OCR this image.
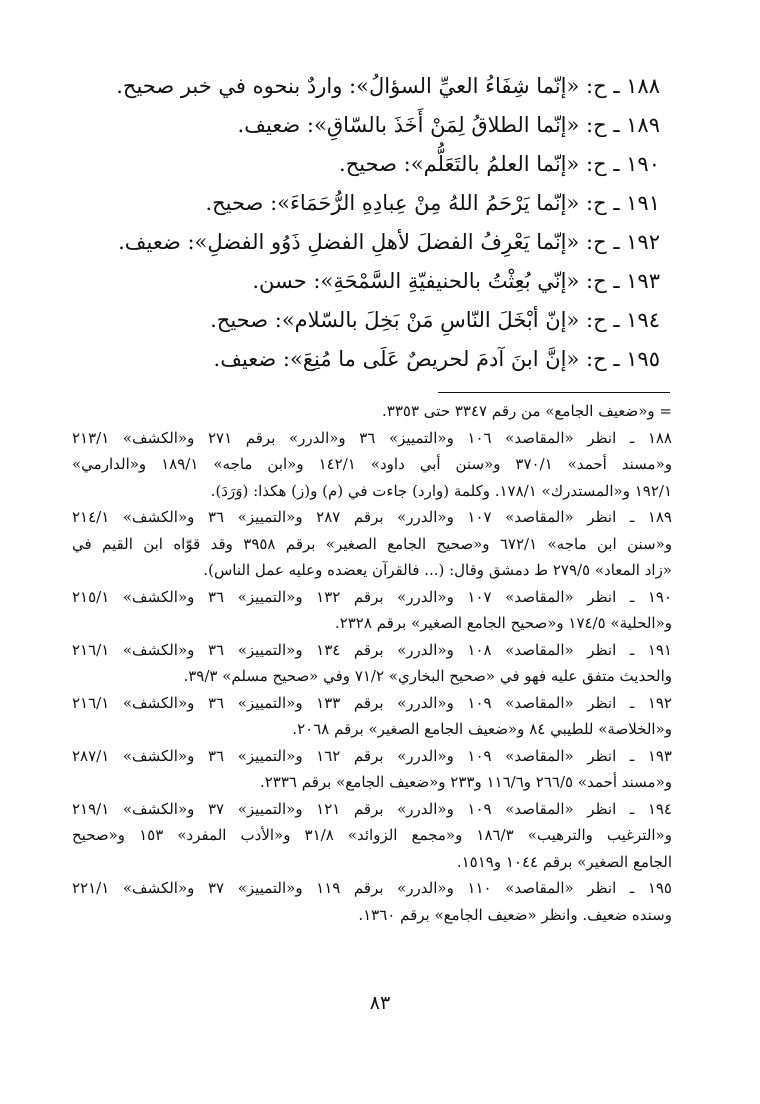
١٨٨ ـ ح: «إنّما شِفَاءُ العيِّ السؤالُ»: واردٌ بنحوه في خبر صحيح.
١٨٩ ـ ح: «إنّما الطلاقُ لِمَنْ أَخَذَ بالسّاقِ»: ضعيف.
١٩٠ ـ ح: «إنّما العلمُ بالتَعَلُّم»: صحيح.
١٩١ ـ ح: «إنّما يَرْحَمُ اللهُ مِنْ عِبادِهِ الرُّحَمَاءَ»: صحيح.
١٩٢ ـ ح: «إنّما يَعْرِفُ الفضلَ لأهلِ الفضلِ ذَوُو الفضلِ»: ضعيف.
١٩٣ ـ ح: «إنّي بُعِثْتُ بالحنيفيّةِ السَّمْحَةِ»: حسن.
١٩٤ ـ ح: «إنّ أبْخَلَ النّاسِ مَنْ بَخِلَ بالسّلام»: صحيح.
١٩٥ ـ ح: «إنَّ ابنَ آدمَ لحريصٌ عَلَى ما مُنِعَ»: ضعيف.
= و«ضعيف الجامع» من رقم ٣٣٤٧ حتى ٣٣٥٣.
١٨٨ ـ انظر «المقاصد» ١٠٦ و«التمييز» ٣٦ و«الدرر» برقم ٢٧١ و«الكشف» ٢١٣/١
و«مسند أحمد» ٣٧٠/١ و«سنن أبي داود» ١٤٢/١ و«ابن ماجه» ١٨٩/١ و«الدارمي»
١٩٢/١ و«المستدرك» ١٧٨/١. وكلمة (وارد) جاءت في (م) و(ز) هكذا: (وَرَدَ).
١٨٩ ـ انظر «المقاصد» ١٠٧ و«الدرر» برقم ٢٨٧ و«التمييز» ٣٦ و«الكشف» ٢١٤/١
و«سنن ابن ماجه» ٦٧٢/١ و«صحيح الجامع الصغير» برقم ٣٩٥٨ وقد قوّاه ابن القيم في
«زاد المعاد» ٢٧٩/٥ ط دمشق وقال: (... فالقرآن يعضده وعليه عمل الناس).
١٩٠ ـ انظر «المقاصد» ١٠٧ و«الدرر» برقم ١٣٢ و«التمييز» ٣٦ و«الكشف» ٢١٥/١
و«الحلية» ١٧٤/٥ و«صحيح الجامع الصغير» برقم ٢٣٢٨.
١٩١ ـ انظر «المقاصد» ١٠٨ و«الدرر» برقم ١٣٤ و«التمييز» ٣٦ و«الكشف» ٢١٦/١
والحديث متفق عليه فهو في «صحيح البخاري» ٧١/٢ وفي «صحيح مسلم» ٣٩/٣.
١٩٢ ـ انظر «المقاصد» ١٠٩ و«الدرر» برقم ١٣٣ و«التمييز» ٣٦ و«الكشف» ٢١٦/١
و«الخلاصة» للطيبي ٨٤ و«ضعيف الجامع الصغير» برقم ٢٠٦٨.
١٩٣ ـ انظر «المقاصد» ١٠٩ و«الدرر» برقم ١٦٢ و«التمييز» ٣٦ و«الكشف» ٢٨٧/١
و«مسند أحمد» ٢٦٦/٥ و١١٦/٦ و٢٣٣ و«ضعيف الجامع» برقم ٢٣٣٦.
١٩٤ ـ انظر «المقاصد» ١٠٩ و«الدرر» برقم ١٢١ و«التمييز» ٣٧ و«الكشف» ٢١٩/١
و«الترغيب والترهيب» ١٨٦/٣ و«مجمع الزوائد» ٣١/٨ و«الأدب المفرد» ١٥٣ و«صحيح
الجامع الصغير» برقم ١٠٤٤ و١٥١٩.
١٩٥ ـ انظر «المقاصد» ١١٠ و«الدرر» برقم ١١٩ و«التمييز» ٣٧ و«الكشف» ٢٢١/١
وسنده ضعيف. وانظر «ضعيف الجامع» برقم ١٣٦٠.
٨٣
